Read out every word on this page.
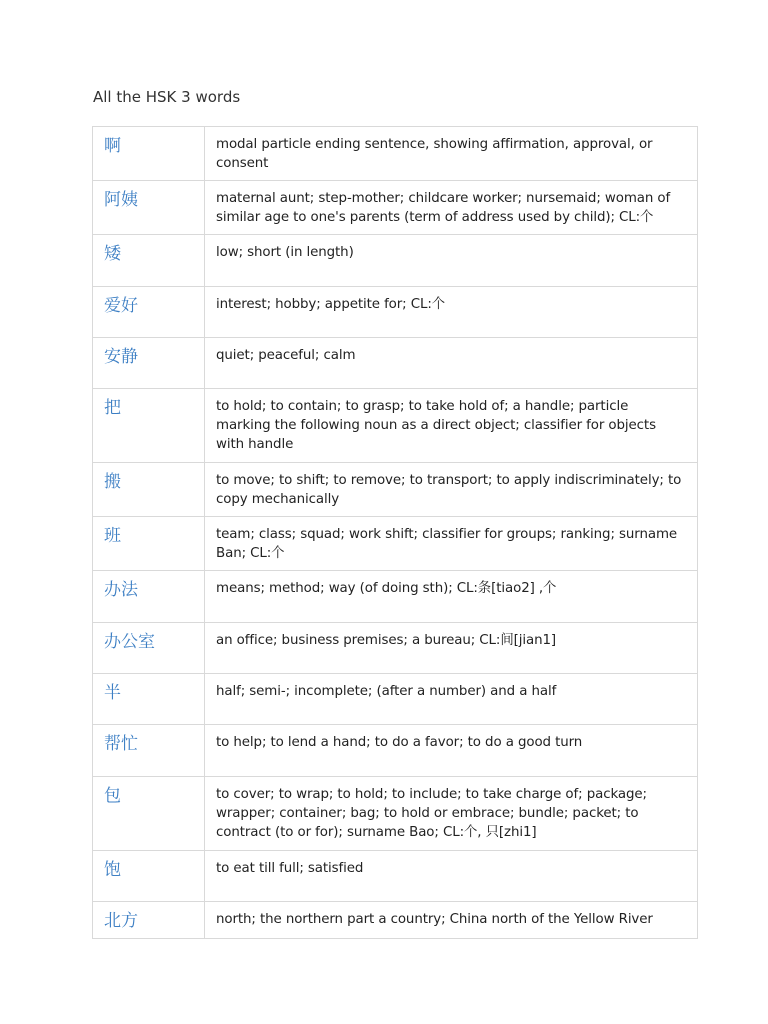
All the HSK 3 words
啊	modal particle ending sentence, showing affirmation, approval, or consent
阿姨	maternal aunt; step-mother; childcare worker; nursemaid; woman of similar age to one's parents (term of address used by child); CL:个
矮	low; short (in length)
爱好	interest; hobby; appetite for; CL:个
安静	quiet; peaceful; calm
把	to hold; to contain; to grasp; to take hold of; a handle; particle marking the following noun as a direct object; classifier for objects with handle
搬	to move; to shift; to remove; to transport; to apply indiscriminately; to copy mechanically
班	team; class; squad; work shift; classifier for groups; ranking; surname Ban; CL:个
办法	means; method; way (of doing sth); CL:条[tiao2] ,个
办公室	an office; business premises; a bureau; CL:间[jian1]
半	half; semi-; incomplete; (after a number) and a half
帮忙	to help; to lend a hand; to do a favor; to do a good turn
包	to cover; to wrap; to hold; to include; to take charge of; package; wrapper; container; bag; to hold or embrace; bundle; packet; to contract (to or for); surname Bao; CL:个, 只[zhi1]
饱	to eat till full; satisfied
北方	north; the northern part a country; China north of the Yellow River
